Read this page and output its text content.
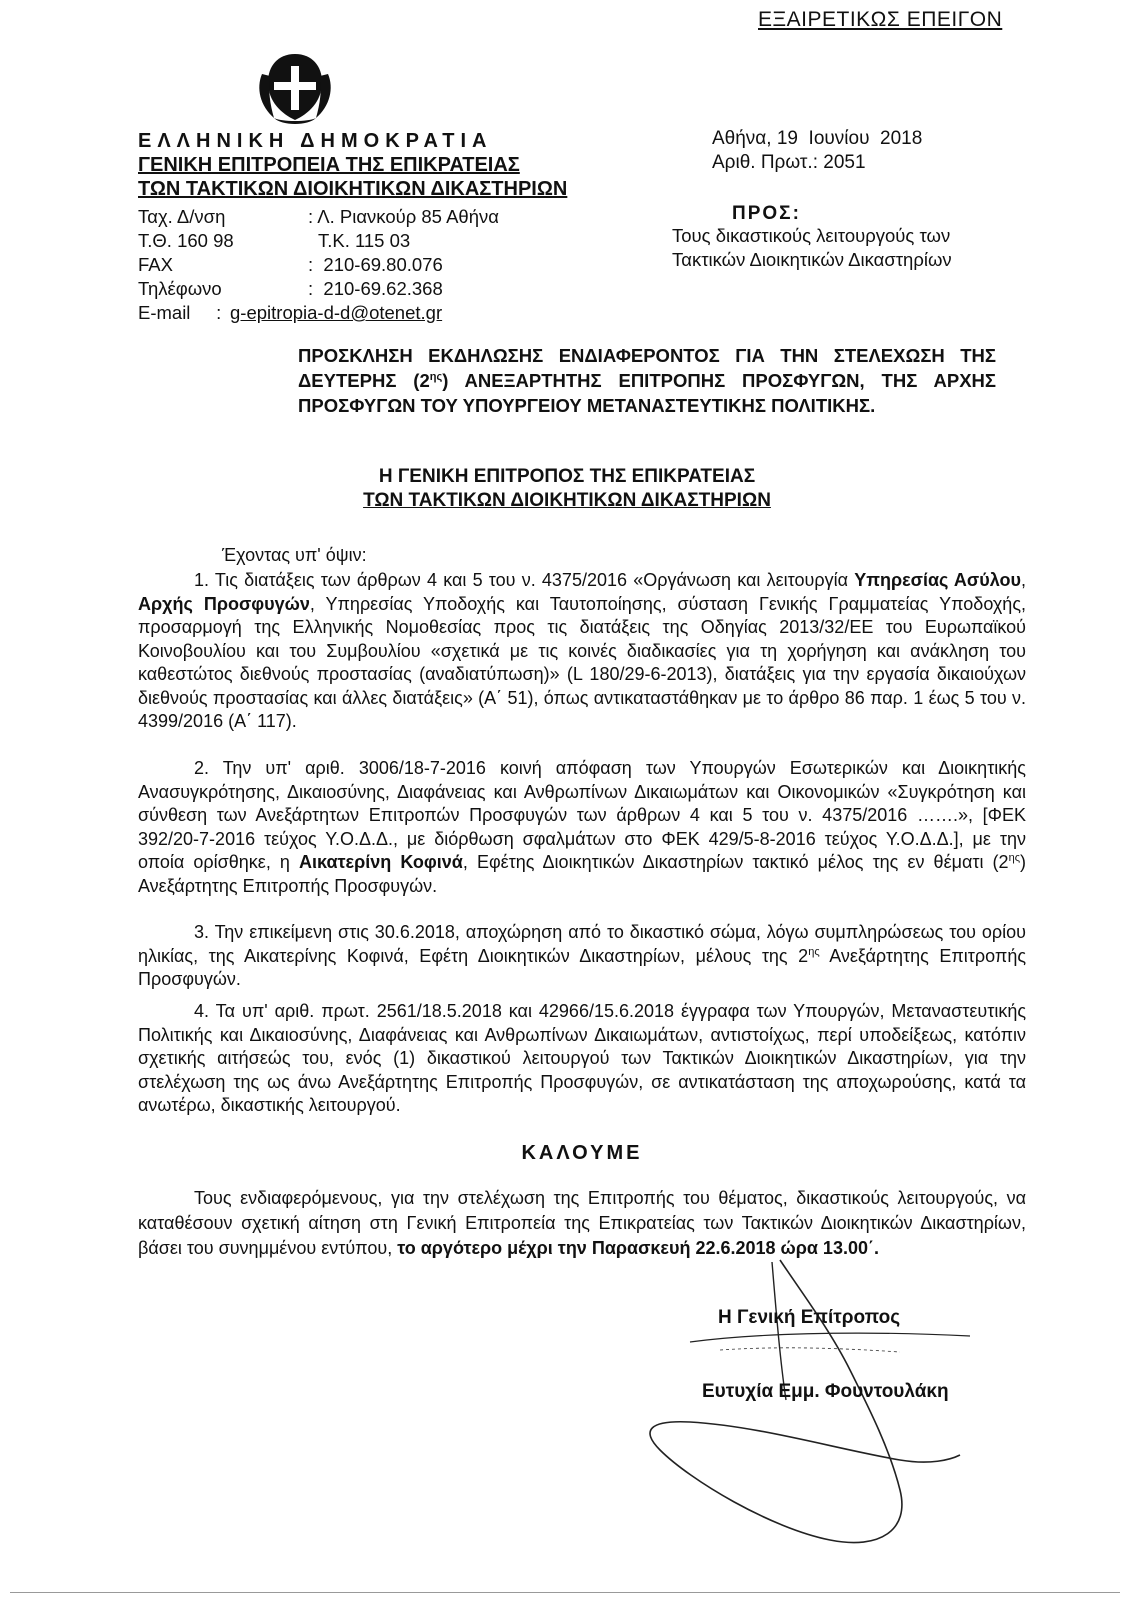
ΕΞΑΙΡΕΤΙΚΩΣ ΕΠΕΙΓΟΝ
ΕΛΛΗΝΙΚΗ ΔΗΜΟΚΡΑΤΙΑ
ΓΕΝΙΚΗ ΕΠΙΤΡΟΠΕΙΑ ΤΗΣ ΕΠΙΚΡΑΤΕΙΑΣ
ΤΩΝ ΤΑΚΤΙΚΩΝ ΔΙΟΙΚΗΤΙΚΩΝ ΔΙΚΑΣΤΗΡΙΩΝ
Ταχ. Δ/νση	: Λ. Ριανκούρ 85 Αθήνα
Τ.Θ. 160 98	Τ.Κ. 115 03
FAX	:  210-69.80.076
Τηλέφωνο	:  210-69.62.368
E-mail     : g-epitropia-d-d@otenet.gr
Αθήνα, 19  Ιουνίου  2018
Αριθ. Πρωτ.: 2051
ΠΡΟΣ:
Τους δικαστικούς λειτουργούς των
Τακτικών Διοικητικών Δικαστηρίων
ΠΡΟΣΚΛΗΣΗ ΕΚΔΗΛΩΣΗΣ ΕΝΔΙΑΦΕΡΟΝΤΟΣ ΓΙΑ ΤΗΝ ΣΤΕΛΕΧΩΣΗ ΤΗΣ ΔΕΥΤΕΡΗΣ $(2^{\eta\varsigma})$ ΑΝΕΞΑΡΤΗΤΗΣ ΕΠΙΤΡΟΠΗΣ ΠΡΟΣΦΥΓΩΝ, ΤΗΣ ΑΡΧΗΣ ΠΡΟΣΦΥΓΩΝ ΤΟΥ ΥΠΟΥΡΓΕΙΟΥ ΜΕΤΑΝΑΣΤΕΥΤΙΚΗΣ ΠΟΛΙΤΙΚΗΣ.
Η ΓΕΝΙΚΗ ΕΠΙΤΡΟΠΟΣ ΤΗΣ ΕΠΙΚΡΑΤΕΙΑΣ
ΤΩΝ ΤΑΚΤΙΚΩΝ ΔΙΟΙΚΗΤΙΚΩΝ ΔΙΚΑΣΤΗΡΙΩΝ
Έχοντας υπ' όψιν:
1. Τις διατάξεις των άρθρων 4 και 5 του ν. 4375/2016 «Οργάνωση και λειτουργία Υπηρεσίας Ασύλου, Αρχής Προσφυγών, Υπηρεσίας Υποδοχής και Ταυτοποίησης, σύσταση Γενικής Γραμματείας Υποδοχής, προσαρμογή της Ελληνικής Νομοθεσίας προς τις διατάξεις της Οδηγίας 2013/32/ΕΕ του Ευρωπαϊκού Κοινοβουλίου και του Συμβουλίου «σχετικά με τις κοινές διαδικασίες για τη χορήγηση και ανάκληση του καθεστώτος διεθνούς προστασίας (αναδιατύπωση)» (L 180/29-6-2013), διατάξεις για την εργασία δικαιούχων διεθνούς προστασίας και άλλες διατάξεις» (Α΄ 51), όπως αντικαταστάθηκαν με το άρθρο 86 παρ. 1 έως 5 του ν. 4399/2016 (Α΄ 117).
2. Την υπ' αριθ. 3006/18-7-2016 κοινή απόφαση των Υπουργών Εσωτερικών και Διοικητικής Ανασυγκρότησης, Δικαιοσύνης, Διαφάνειας και Ανθρωπίνων Δικαιωμάτων και Οικονομικών «Συγκρότηση και σύνθεση των Ανεξάρτητων Επιτροπών Προσφυγών των άρθρων 4 και 5 του ν. 4375/2016 …….», [ΦΕΚ 392/20-7-2016 τεύχος Υ.Ο.Δ.Δ., με διόρθωση σφαλμάτων στο ΦΕΚ 429/5-8-2016 τεύχος Υ.Ο.Δ.Δ.], με την οποία ορίσθηκε, η Αικατερίνη Κοφινά, Εφέτης Διοικητικών Δικαστηρίων τακτικό μέλος της εν θέματι $(2^{\eta\varsigma})$ Ανεξάρτητης Επιτροπής Προσφυγών.
3. Την επικείμενη στις 30.6.2018, αποχώρηση από το δικαστικό σώμα, λόγω συμπληρώσεως του ορίου ηλικίας, της Αικατερίνης Κοφινά, Εφέτη Διοικητικών Δικαστηρίων, μέλους της $2^{\eta\varsigma}$ Ανεξάρτητης Επιτροπής Προσφυγών.
4. Τα υπ' αριθ. πρωτ. 2561/18.5.2018 και 42966/15.6.2018 έγγραφα των Υπουργών, Μεταναστευτικής Πολιτικής και Δικαιοσύνης, Διαφάνειας και Ανθρωπίνων Δικαιωμάτων, αντιστοίχως, περί υποδείξεως, κατόπιν σχετικής αιτήσεώς του, ενός (1) δικαστικού λειτουργού των Τακτικών Διοικητικών Δικαστηρίων, για την στελέχωση της ως άνω Ανεξάρτητης Επιτροπής Προσφυγών, σε αντικατάσταση της αποχωρούσης, κατά τα ανωτέρω, δικαστικής λειτουργού.
ΚΑΛΟΥΜΕ
Τους ενδιαφερόμενους, για την στελέχωση της Επιτροπής του θέματος, δικαστικούς λειτουργούς, να καταθέσουν σχετική αίτηση στη Γενική Επιτροπεία της Επικρατείας των Τακτικών Διοικητικών Δικαστηρίων, βάσει του συνημμένου εντύπου, το αργότερο μέχρι την Παρασκευή 22.6.2018 ώρα 13.00΄.
Η Γενική Επίτροπος
Ευτυχία Εμμ. Φουντουλάκη
